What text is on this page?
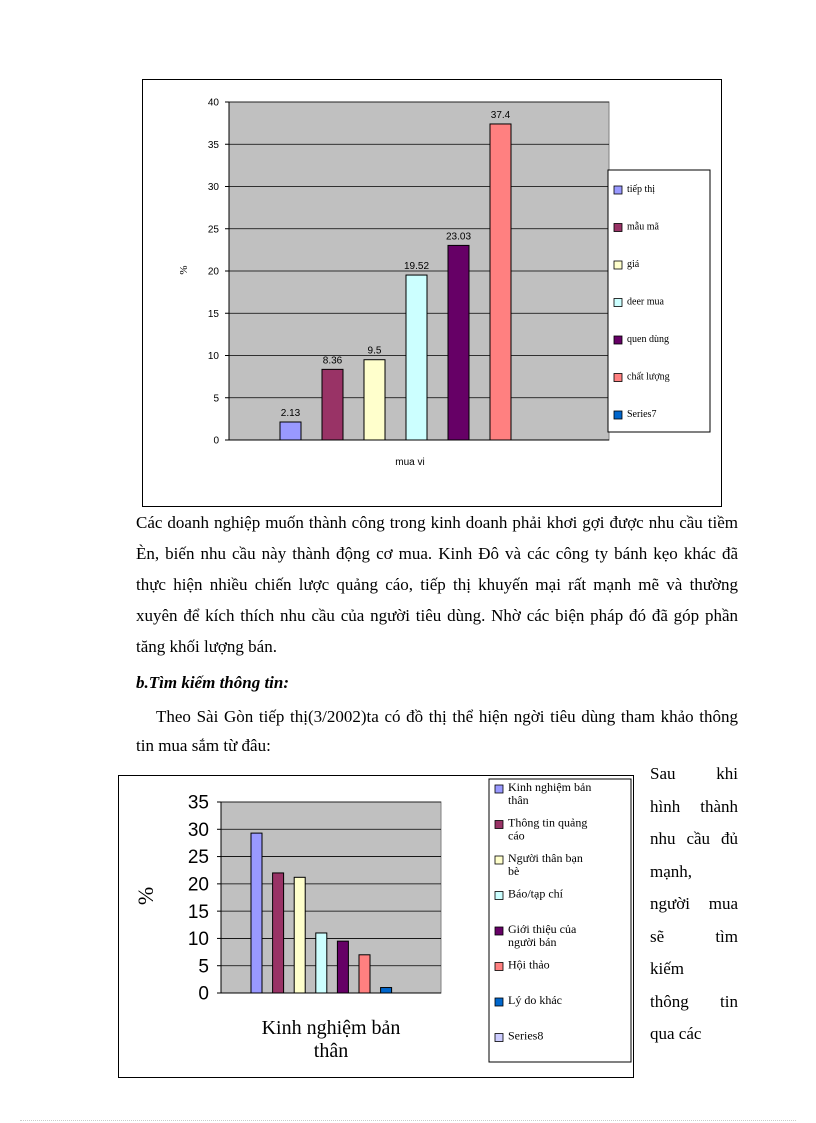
0
5
10
15
20
25
30
35
40
2.13
8.36
9.5
19.52
23.03
37.4
%
mua vi
tiếp thị
mẫu mã
giá
deer mua
quen dùng
chất lượng
Series7

Các doanh nghiệp muốn thành công trong kinh doanh phải khơi gợi được nhu cầu tiềm Èn, biến nhu cầu này thành động cơ mua. Kinh Đô và các công ty bánh kẹo khác đã thực hiện nhiều chiến lược quảng cáo, tiếp thị khuyến mại rất mạnh mẽ và thường xuyên để kích thích nhu cầu của người tiêu dùng. Nhờ các biện pháp đó đã góp phần tăng khối lượng bán.

b.Tìm kiếm thông tin:

Theo Sài Gòn tiếp thị(3/2002)ta có đồ thị thể hiện ngời tiêu dùng tham khảo thông tin mua sắm từ đâu:

0
5
10
15
20
25
30
35
%
Kinh nghiệm bản
thân
Kinh nghiệm bản
thân
Thông tin quảng
cáo
Người thân bạn
bè
Báo/tạp chí
Giới thiệu của
người bán
Hội thảo
Lý do khác
Series8
Sau khi
hình thành
nhu cầu đủ
mạnh,
người mua
sẽ tìm
kiếm
thông tin
qua các
